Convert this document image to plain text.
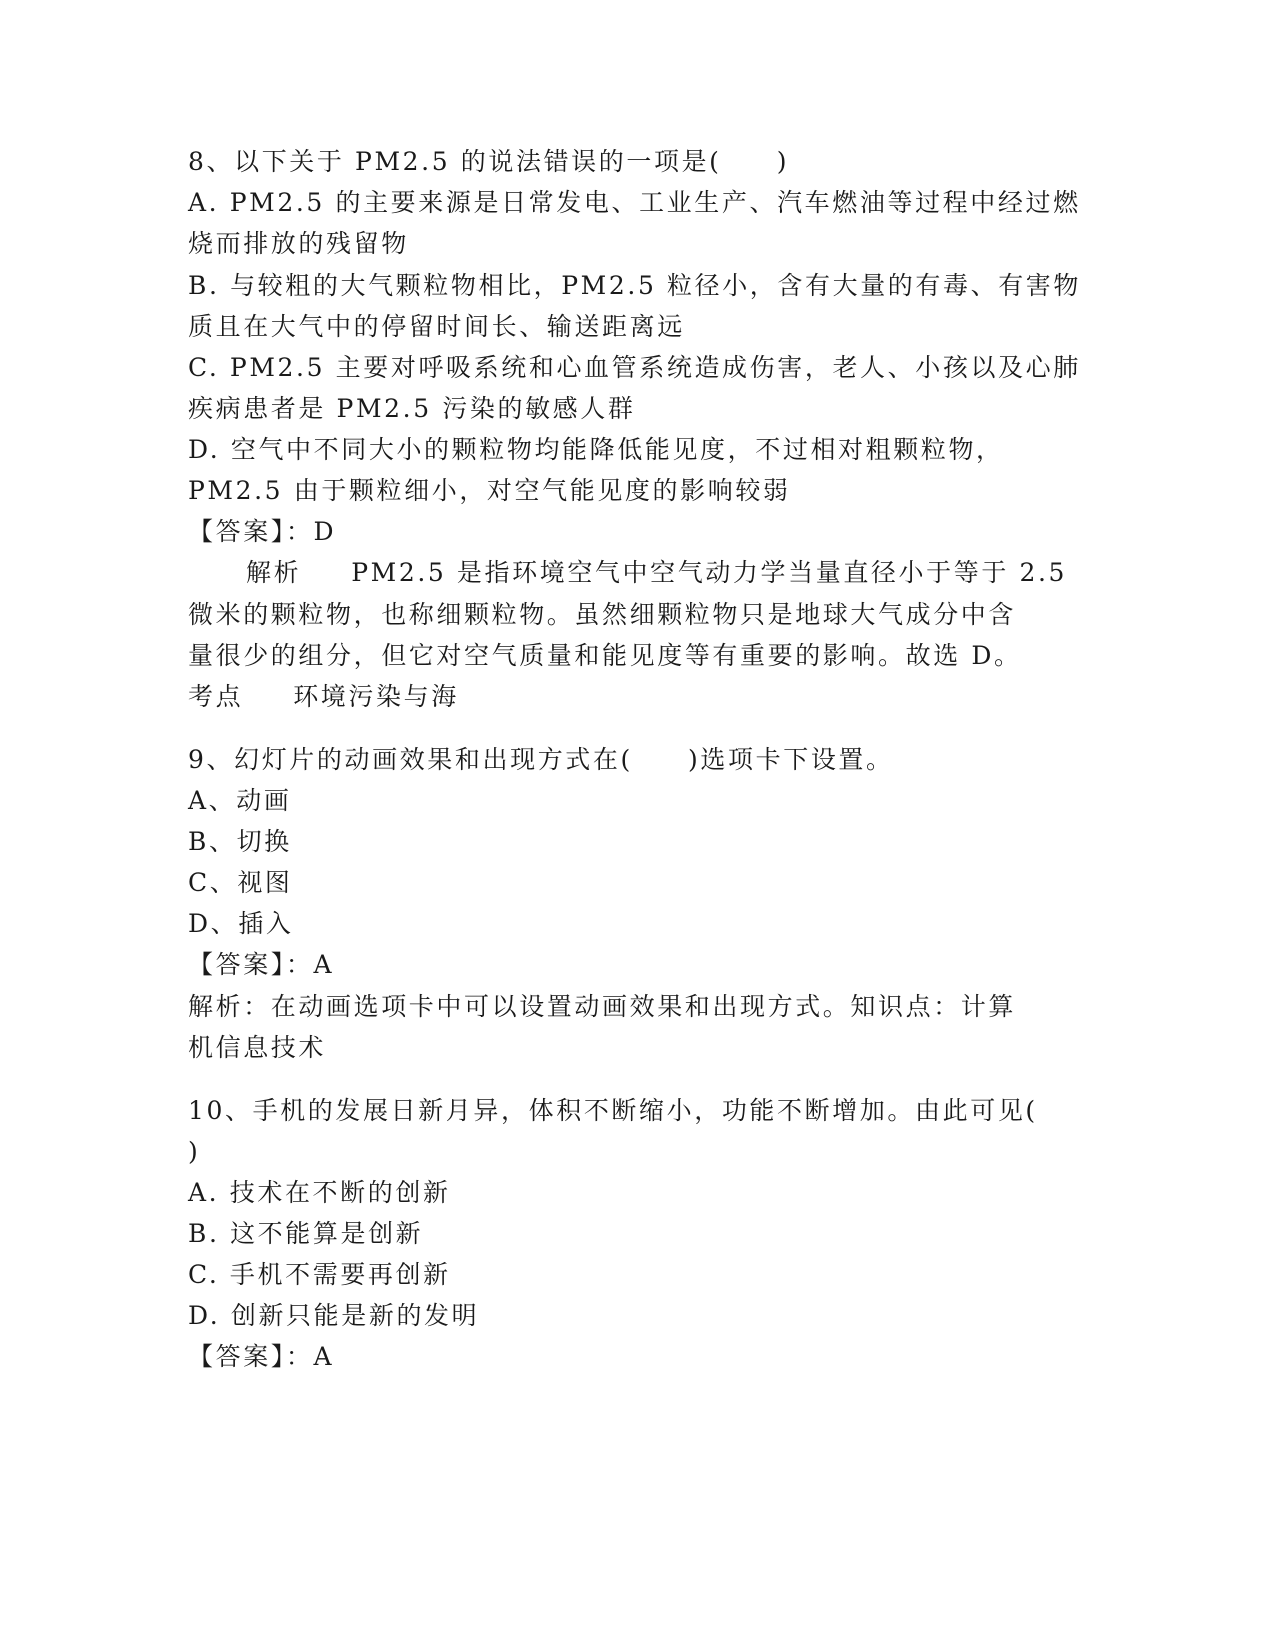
8、以下关于 PM2.5 的说法错误的一项是(　　)
A. PM2.5 的主要来源是日常发电、工业生产、汽车燃油等过程中经过燃
烧而排放的残留物
B. 与较粗的大气颗粒物相比，PM2.5 粒径小，含有大量的有毒、有害物
质且在大气中的停留时间长、输送距离远
C. PM2.5 主要对呼吸系统和心血管系统造成伤害，老人、小孩以及心肺
疾病患者是 PM2.5 污染的敏感人群
D. 空气中不同大小的颗粒物均能降低能见度，不过相对粗颗粒物，
PM2.5 由于颗粒细小，对空气能见度的影响较弱
【答案】：D
解析 PM2.5 是指环境空气中空气动力学当量直径小于等于 2.5
微米的颗粒物，也称细颗粒物。虽然细颗粒物只是地球大气成分中含
量很少的组分，但它对空气质量和能见度等有重要的影响。故选 D。
考点 环境污染与海
9、幻灯片的动画效果和出现方式在(　　)选项卡下设置。
A、动画
B、切换
C、视图
D、插入
【答案】：A
解析：在动画选项卡中可以设置动画效果和出现方式。知识点：计算
机信息技术
10、手机的发展日新月异，体积不断缩小，功能不断增加。由此可见(
)
A. 技术在不断的创新
B. 这不能算是创新
C. 手机不需要再创新
D. 创新只能是新的发明
【答案】：A
